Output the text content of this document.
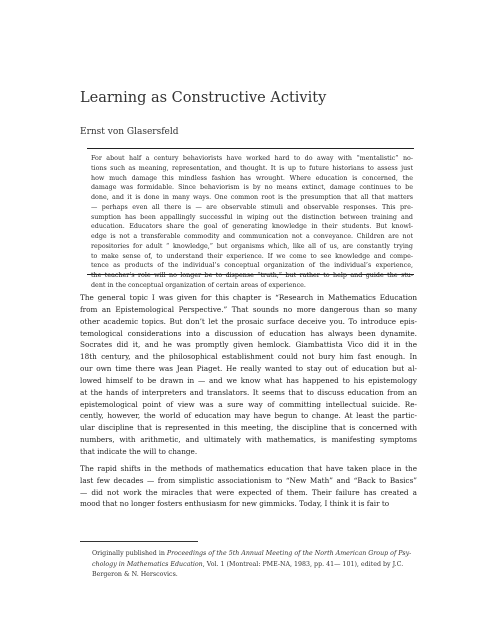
Learning as Constructive Activity
Ernst von Glasersfeld
For about half a century behaviorists have worked hard to do away with “mentalistic” no-
tions such as meaning, representation, and thought. It is up to future historians to assess just
how much damage this mindless fashion has wrought. Where education is concerned, the
damage was formidable. Since behaviorism is by no means extinct, damage continues to be
done, and it is done in many ways. One common root is the presumption that all that matters
— perhaps even all there is — are observable stimuli and observable responses. This pre-
sumption has been appallingly successful in wiping out the distinction between training and
education. Educators share the goal of generating knowledge in their students. But knowl-
edge is not a transferable commodity and communication not a conveyance. Children are not
repositories for adult “ knowledge,” but organisms which, like all of us, are constantly trying
to make sense of, to understand their experience. If we come to see knowledge and compe-
tence as products of the individual’s conceptual organization of the individual’s experience,
the teacher’s role will no longer be to dispense “truth,” but rather to help and guide the stu-
dent in the conceptual organization of certain areas of experience.

The general topic I was given for this chapter is “Research in Mathematics Education
from an Epistemological Perspective.” That sounds no more dangerous than so many
other academic topics. But don’t let the prosaic surface deceive you. To introduce epis-
temological considerations into a discussion of education has always been dynamite.
Socrates did it, and he was promptly given hemlock. Giambattista Vico did it in the
18th century, and the philosophical establishment could not bury him fast enough. In
our own time there was Jean Piaget. He really wanted to stay out of education but al-
lowed himself to be drawn in — and we know what has happened to his epistemology
at the hands of interpreters and translators. It seems that to discuss education from an
epistemological point of view was a sure way of committing intellectual suicide. Re-
cently, however, the world of education may have begun to change. At least the partic-
ular discipline that is represented in this meeting, the discipline that is concerned with
numbers, with arithmetic, and ultimately with mathematics, is manifesting symptoms
that indicate the will to change.

The rapid shifts in the methods of mathematics education that have taken place in the
last few decades — from simplistic associationism to “New Math” and “Back to Basics”
— did not work the miracles that were expected of them. Their failure has created a
mood that no longer fosters enthusiasm for new gimmicks. Today, I think it is fair to

Originally published in Proceedings of the 5th Annual Meeting of the North American Group of Psy-
chology in Mathematics Education, Vol. 1 (Montreal: PME-NA, 1983, pp. 41— 101), edited by J.C.
Bergeron & N. Herscovics.
